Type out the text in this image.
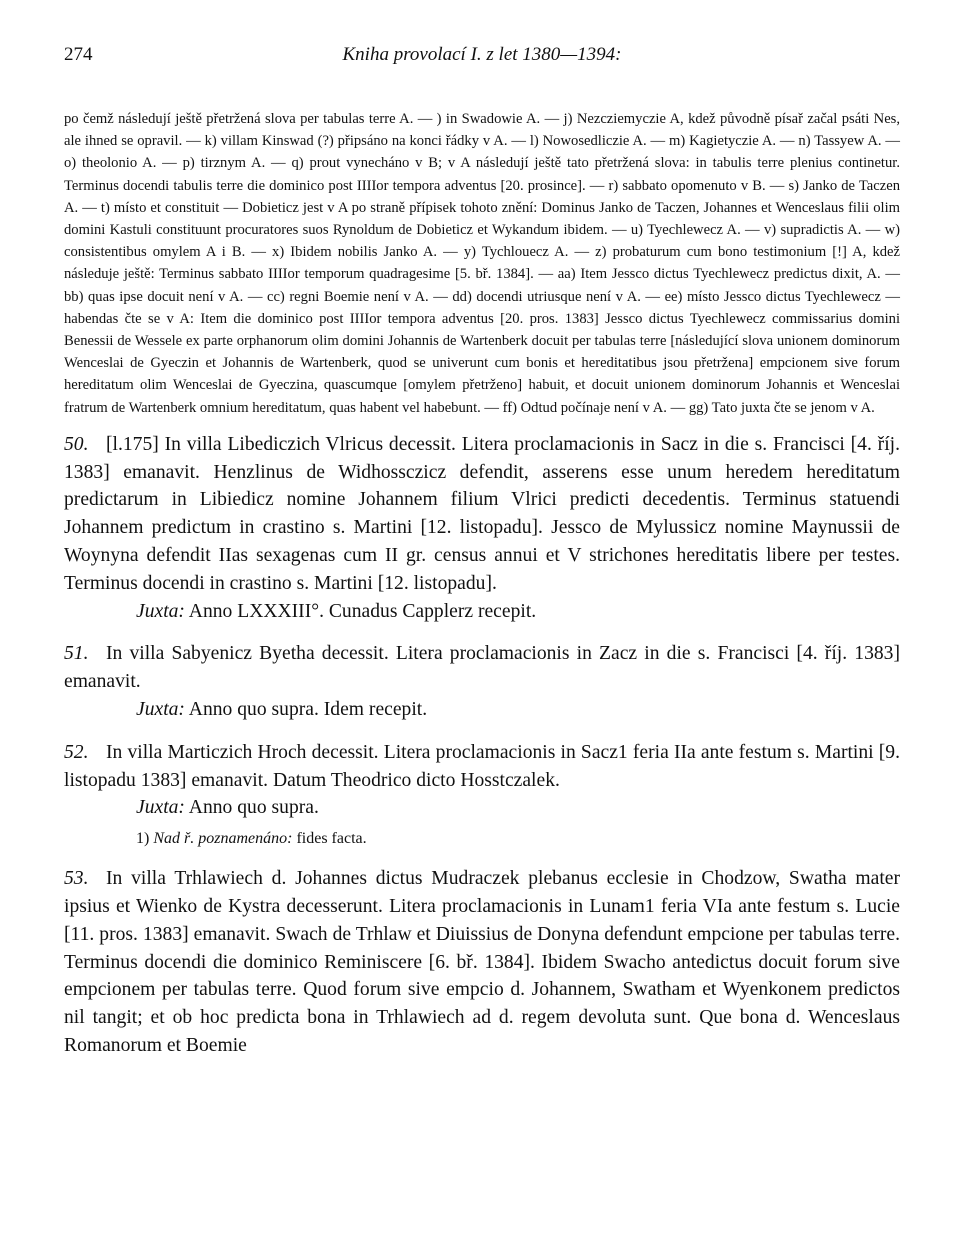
274	Kniha provolací I. z let 1380—1394:

po čemž následují ještě přetržená slova per tabulas terre A. — ) in Swadowie A. — j) Nezcziemyczie A, kdež původně písař začal psáti Nes, ale ihned se opravil. — k) villam Kinswad (?) připsáno na konci řádky v A. — l) Nowosedliczie A. — m) Kagietyczie A. — n) Tassyew A. — o) theolonio A. — p) tirznym A. — q) prout vynecháno v B; v A následují ještě tato přetržená slova: in tabulis terre plenius continetur. Terminus docendi tabulis terre die dominico post IIIIor tempora adventus [20. prosince]. — r) sabbato opomenuto v B. — s) Janko de Taczen A. — t) místo et constituit — Dobieticz jest v A po straně přípisek tohoto znění: Dominus Janko de Taczen, Johannes et Wenceslaus filii olim domini Kastuli constituunt procuratores suos Rynoldum de Dobieticz et Wykandum ibidem. — u) Tyechlewecz A. — v) supradictis A. — w) consistentibus omylem A i B. — x) Ibidem nobilis Janko A. — y) Tychlouecz A. — z) probaturum cum bono testimonium [!] A, kdež následuje ještě: Terminus sabbato IIIIor temporum quadragesime [5. bř. 1384]. — aa) Item Jessco dictus Tyechlewecz predictus dixit, A. — bb) quas ipse docuit není v A. — cc) regni Boemie není v A. — dd) docendi utriusque není v A. — ee) místo Jessco dictus Tyechlewecz — habendas čte se v A: Item die dominico post IIIIor tempora adventus [20. pros. 1383] Jessco dictus Tyechlewecz commissarius domini Benessii de Wessele ex parte orphanorum olim domini Johannis de Wartenberk docuit per tabulas terre [následující slova unionem dominorum Wenceslai de Gyeczin et Johannis de Wartenberk, quod se univerunt cum bonis et hereditatibus jsou přetržena] empcionem sive forum hereditatum olim Wenceslai de Gyeczina, quascumque [omylem přetrženo] habuit, et docuit unionem dominorum Johannis et Wenceslai fratrum de Wartenberk omnium hereditatum, quas habent vel habebunt. — ff) Odtud počínaje není v A. — gg) Tato juxta čte se jenom v A.

50. [l.175] In villa Libediczich Vlricus decessit. Litera proclamacionis in Sacz in die s. Francisci [4. říj. 1383] emanavit. Henzlinus de Widhossczicz defendit, asserens esse unum heredem hereditatum predictarum in Libiedicz nomine Johannem filium Vlrici predicti decedentis. Terminus statuendi Johannem predictum in crastino s. Martini [12. listopadu]. Jessco de Mylussicz nomine Maynussii de Woynyna defendit IIas sexagenas cum II gr. census annui et V strichones hereditatis libere per testes. Terminus docendi in crastino s. Martini [12. listopadu].

Juxta: Anno LXXXIII°. Cunadus Capplerz recepit.

51. In villa Sabyenicz Byetha decessit. Litera proclamacionis in Zacz in die s. Francisci [4. říj. 1383] emanavit.

Juxta: Anno quo supra. Idem recepit.

52. In villa Marticzich Hroch decessit. Litera proclamacionis in Sacz1 feria IIa ante festum s. Martini [9. listopadu 1383] emanavit. Datum Theodrico dicto Hosstczalek.

Juxta: Anno quo supra.

1) Nad ř. poznamenáno: fides facta.

53. In villa Trhlawiech d. Johannes dictus Mudraczek plebanus ecclesie in Chodzow, Swatha mater ipsius et Wienko de Kystra decesserunt. Litera proclamacionis in Lunam1 feria VIa ante festum s. Lucie [11. pros. 1383] emanavit. Swach de Trhlaw et Diuissius de Donyna defendunt empcione per tabulas terre. Terminus docendi die dominico Reminiscere [6. bř. 1384]. Ibidem Swacho antedictus docuit forum sive empcionem per tabulas terre. Quod forum sive empcio d. Johannem, Swatham et Wyenkonem predictos nil tangit; et ob hoc predicta bona in Trhlawiech ad d. regem devoluta sunt. Que bona d. Wenceslaus Romanorum et Boemie
